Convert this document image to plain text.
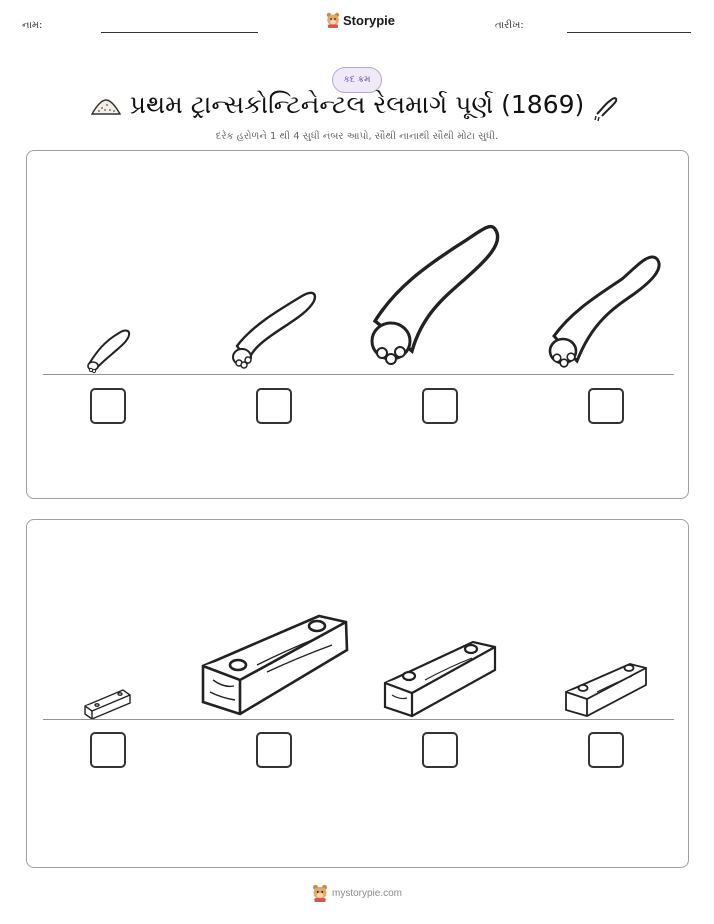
નામ:	Storypie	તારીખ:
કદ ક્રમ
પ્રથમ ટ્રાન્સકોન્ટિનેન્ટલ રેલમાર્ગ પૂર્ણ (1869)
દરેક હરોળને 1 થી 4 સુધી નંબર આપો, સૌથી નાનાથી સૌથી મોટા સુધી.
mystorypie.com
